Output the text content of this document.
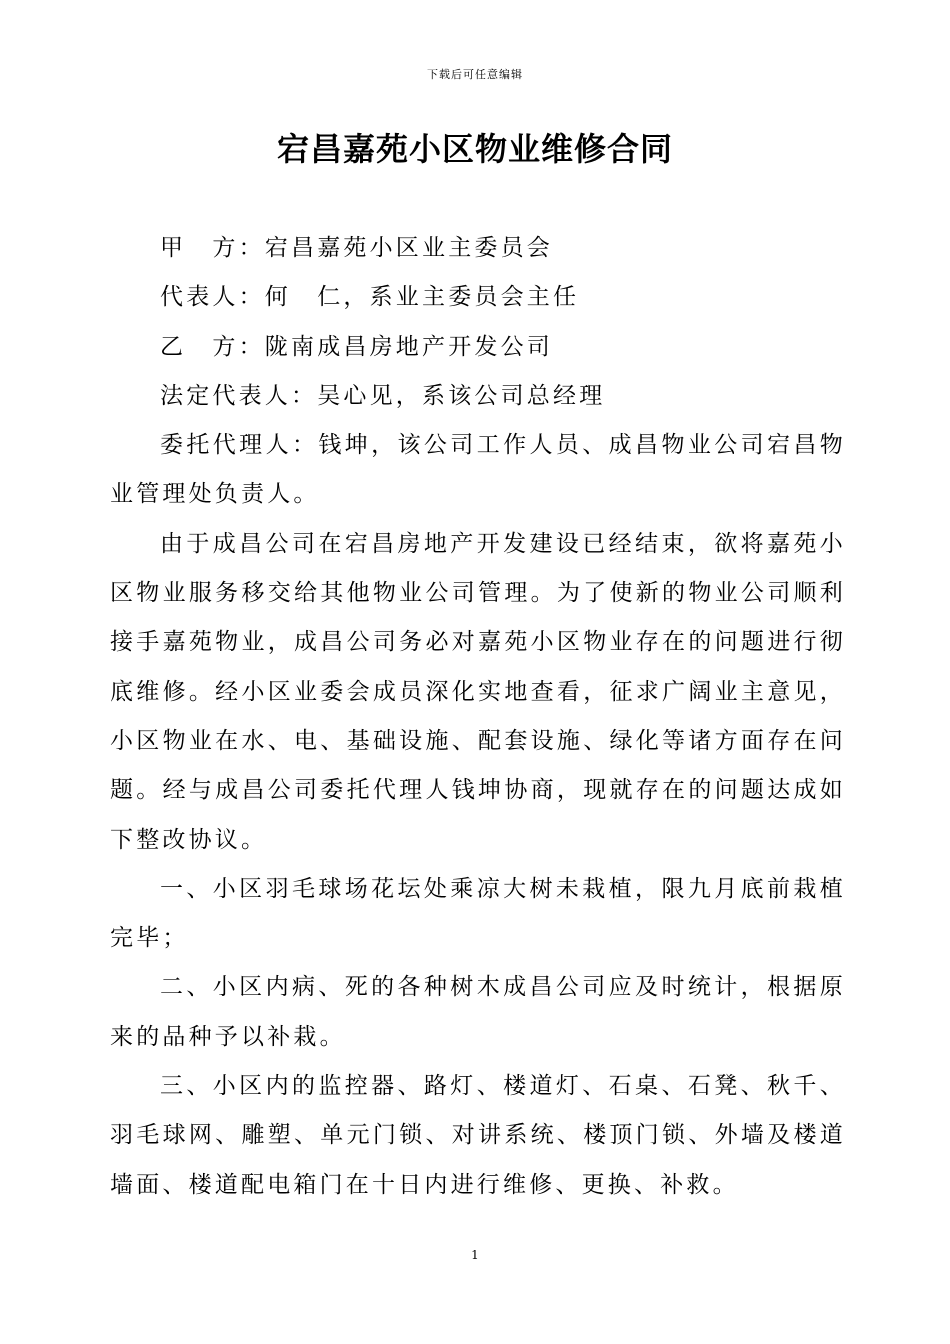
下载后可任意编辑
宕昌嘉苑小区物业维修合同

甲　方：宕昌嘉苑小区业主委员会

代表人：何　仁，系业主委员会主任

乙　方：陇南成昌房地产开发公司

法定代表人：吴心见，系该公司总经理

委托代理人：钱坤，该公司工作人员、成昌物业公司宕昌物业管理处负责人。

由于成昌公司在宕昌房地产开发建设已经结束，欲将嘉苑小区物业服务移交给其他物业公司管理。为了使新的物业公司顺利接手嘉苑物业，成昌公司务必对嘉苑小区物业存在的问题进行彻底维修。经小区业委会成员深化实地查看，征求广阔业主意见，小区物业在水、电、基础设施、配套设施、绿化等诸方面存在问题。经与成昌公司委托代理人钱坤协商，现就存在的问题达成如下整改协议。

一、小区羽毛球场花坛处乘凉大树未栽植，限九月底前栽植完毕；

二、小区内病、死的各种树木成昌公司应及时统计，根据原来的品种予以补栽。

三、小区内的监控器、路灯、楼道灯、石桌、石凳、秋千、羽毛球网、雕塑、单元门锁、对讲系统、楼顶门锁、外墙及楼道墙面、楼道配电箱门在十日内进行维修、更换、补救。

1
